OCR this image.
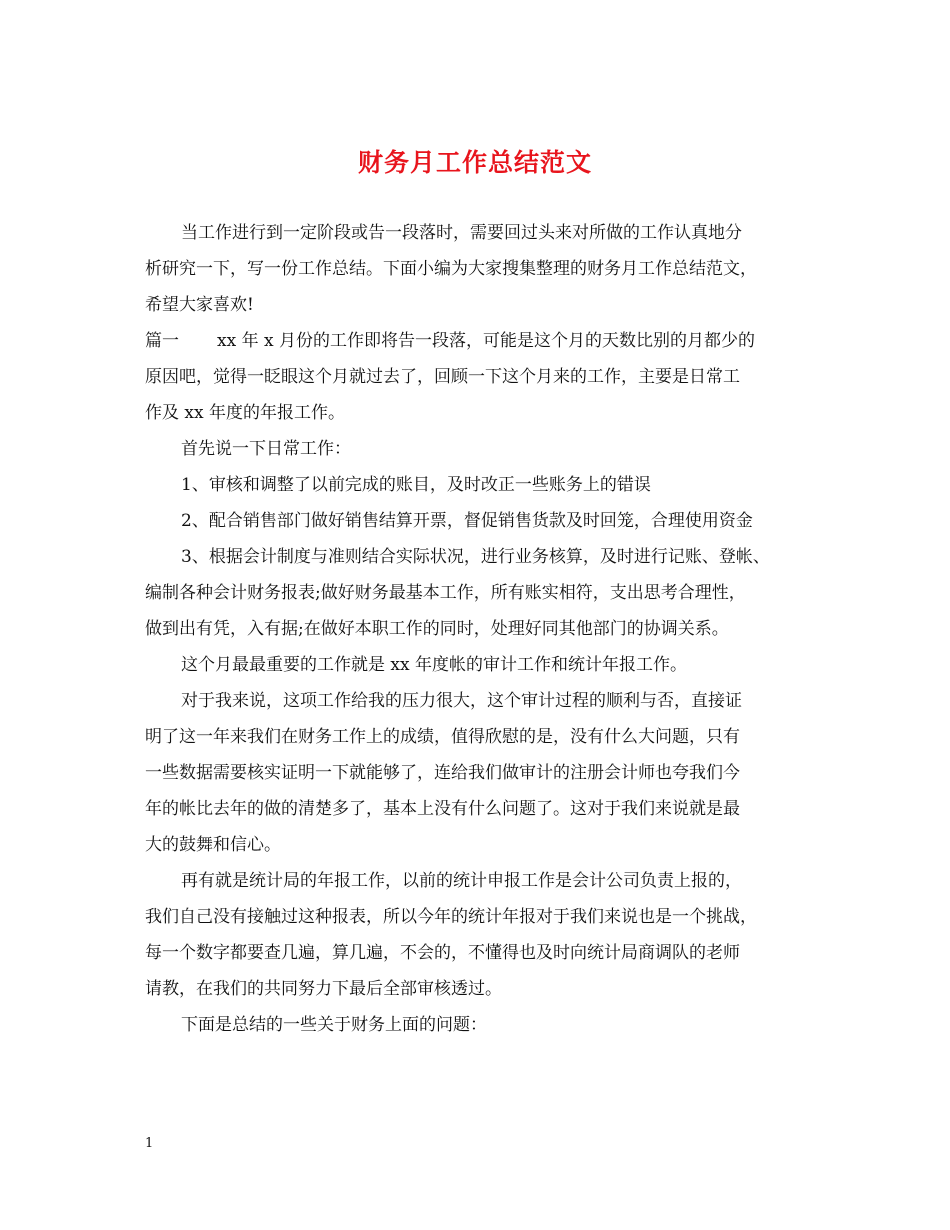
财务月工作总结范文
当工作进行到一定阶段或告一段落时，需要回过头来对所做的工作认真地分
析研究一下，写一份工作总结。下面小编为大家搜集整理的财务月工作总结范文，
希望大家喜欢!
篇一 xx 年 x 月份的工作即将告一段落，可能是这个月的天数比别的月都少的
原因吧，觉得一眨眼这个月就过去了，回顾一下这个月来的工作，主要是日常工
作及 xx 年度的年报工作。
首先说一下日常工作：
1、审核和调整了以前完成的账目，及时改正一些账务上的错误
2、配合销售部门做好销售结算开票，督促销售货款及时回笼，合理使用资金
3、根据会计制度与准则结合实际状况，进行业务核算，及时进行记账、登帐、
编制各种会计财务报表;做好财务最基本工作，所有账实相符，支出思考合理性，
做到出有凭，入有据;在做好本职工作的同时，处理好同其他部门的协调关系。
这个月最最重要的工作就是 xx 年度帐的审计工作和统计年报工作。
对于我来说，这项工作给我的压力很大，这个审计过程的顺利与否，直接证
明了这一年来我们在财务工作上的成绩，值得欣慰的是，没有什么大问题，只有
一些数据需要核实证明一下就能够了，连给我们做审计的注册会计师也夸我们今
年的帐比去年的做的清楚多了，基本上没有什么问题了。这对于我们来说就是最
大的鼓舞和信心。
再有就是统计局的年报工作，以前的统计申报工作是会计公司负责上报的，
我们自己没有接触过这种报表，所以今年的统计年报对于我们来说也是一个挑战，
每一个数字都要查几遍，算几遍，不会的，不懂得也及时向统计局商调队的老师
请教，在我们的共同努力下最后全部审核透过。
下面是总结的一些关于财务上面的问题：
1
